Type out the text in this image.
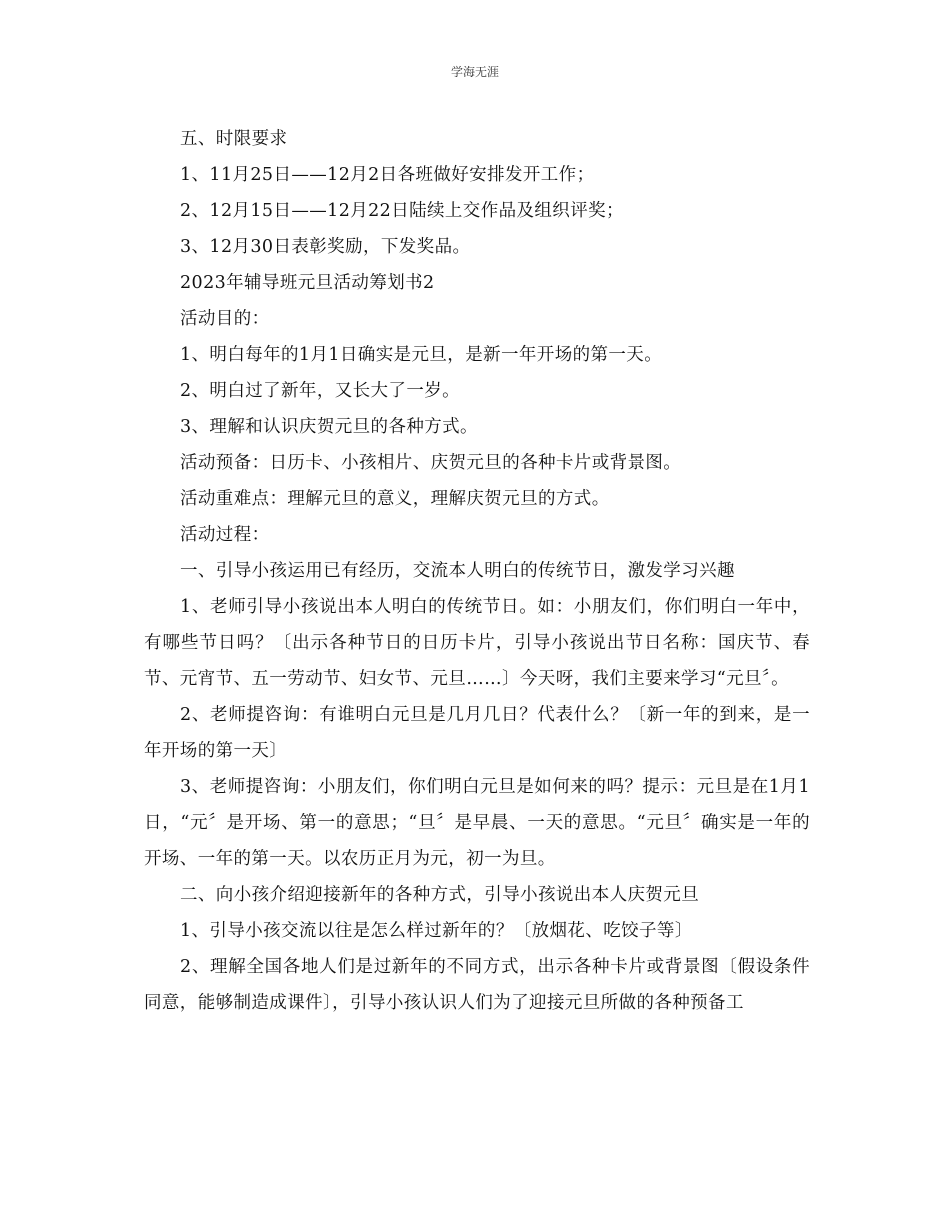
学海无涯

五、时限要求

1、11月25日——12月2日各班做好安排发开工作；

2、12月15日——12月22日陆续上交作品及组织评奖；

3、12月30日表彰奖励，下发奖品。

2023年辅导班元旦活动筹划书2

活动目的：

1、明白每年的1月1日确实是元旦，是新一年开场的第一天。

2、明白过了新年，又长大了一岁。

3、理解和认识庆贺元旦的各种方式。

活动预备：日历卡、小孩相片、庆贺元旦的各种卡片或背景图。

活动重难点：理解元旦的意义，理解庆贺元旦的方式。

活动过程：

一、引导小孩运用已有经历，交流本人明白的传统节日，激发学习兴趣

1、老师引导小孩说出本人明白的传统节日。如：小朋友们，你们明白一年中，有哪些节日吗？〔出示各种节日的日历卡片，引导小孩说出节日名称：国庆节、春节、元宵节、五一劳动节、妇女节、元旦……〕今天呀，我们主要来学习“元旦〞。

2、老师提咨询：有谁明白元旦是几月几日？代表什么？〔新一年的到来，是一年开场的第一天〕

3、老师提咨询：小朋友们，你们明白元旦是如何来的吗？提示：元旦是在1月1日，“元〞是开场、第一的意思；“旦〞是早晨、一天的意思。“元旦〞确实是一年的开场、一年的第一天。以农历正月为元，初一为旦。

二、向小孩介绍迎接新年的各种方式，引导小孩说出本人庆贺元旦

1、引导小孩交流以往是怎么样过新年的？〔放烟花、吃饺子等〕

2、理解全国各地人们是过新年的不同方式，出示各种卡片或背景图〔假设条件同意，能够制造成课件〕，引导小孩认识人们为了迎接元旦所做的各种预备工
